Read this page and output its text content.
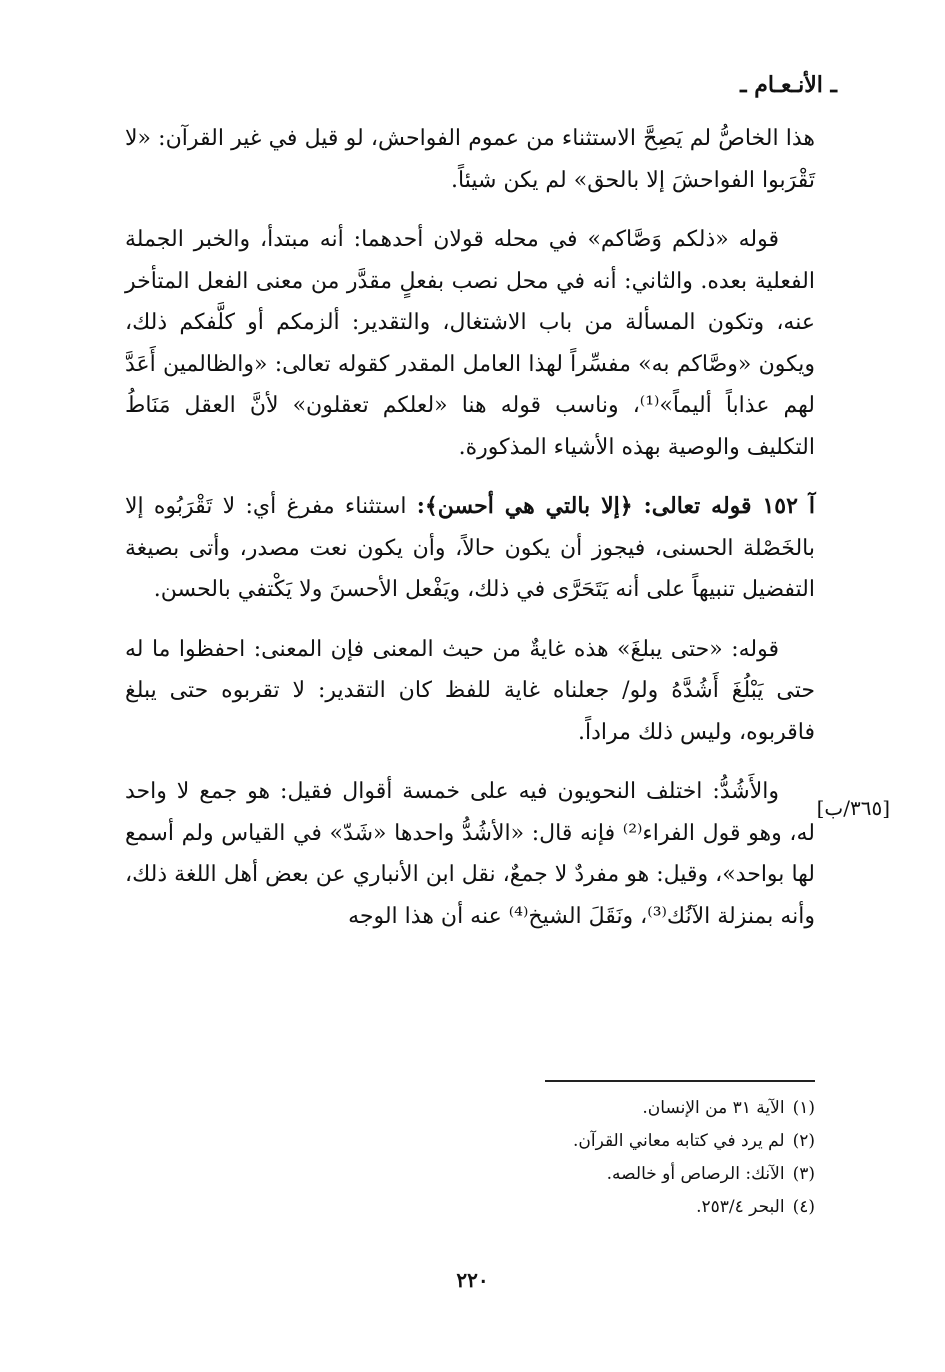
ـ الأنـعـام ـ

هذا الخاصُّ لم يَصِحَّ الاستثناء من عموم الفواحش، لو قيل في غير القرآن: «لا تَقْرَبوا الفواحشَ إلا بالحق» لم يكن شيئاً.

قوله «ذلكم وَصَّاكم» في محله قولان أحدهما: أنه مبتدأ، والخبر الجملة الفعلية بعده. والثاني: أنه في محل نصب بفعلٍ مقدَّر من معنى الفعل المتأخر عنه، وتكون المسألة من باب الاشتغال، والتقدير: ألزمكم أو كلَّفكم ذلك، ويكون «وصَّاكم به» مفسِّراً لهذا العامل المقدر كقوله تعالى: «والظالمين أَعَدَّ لهم عذاباً أليماً»⁽¹⁾، وناسب قوله هنا «لعلكم تعقلون» لأنَّ العقل مَنَاطُ التكليف والوصية بهذه الأشياء المذكورة.

آ ١٥٢ قوله تعالى: ﴿إلا بالتي هي أحسن﴾: استثناء مفرغ أي: لا تَقْرَبُوه إلا بالخَصْلة الحسنى، فيجوز أن يكون حالاً، وأن يكون نعت مصدر، وأتى بصيغة التفضيل تنبيهاً على أنه يَتَحَرَّى في ذلك، ويَفْعل الأحسنَ ولا يَكْتفي بالحسن.

قوله: «حتى يبلغَ» هذه غايةٌ من حيث المعنى فإن المعنى: احفظوا ما له حتى يَبْلُغَ أَشُدَّهُ ولو/ جعلناه غاية للفظ كان التقدير: لا تقربوه حتى يبلغ فاقربوه، وليس ذلك مراداً.

والأَشُدُّ: اختلف النحويون فيه على خمسة أقوال فقيل: هو جمع لا واحد له، وهو قول الفراء⁽²⁾ فإنه قال: «الأشُدُّ واحدها «شَدّ» في القياس ولم أسمع لها بواحد»، وقيل: هو مفردٌ لا جمعٌ، نقل ابن الأنباري عن بعض أهل اللغة ذلك، وأنه بمنزلة الآنُك⁽³⁾، ونَقَلَ الشيخ⁽⁴⁾ عنه أن هذا الوجه

[٣٦٥/ب]
(١)الآية ٣١ من الإنسان.
(٢)لم يرد في كتابه معاني القرآن.
(٣)الآنك: الرصاص أو خالصه.
(٤)البحر ٢٥٣/٤.
٢٢٠
